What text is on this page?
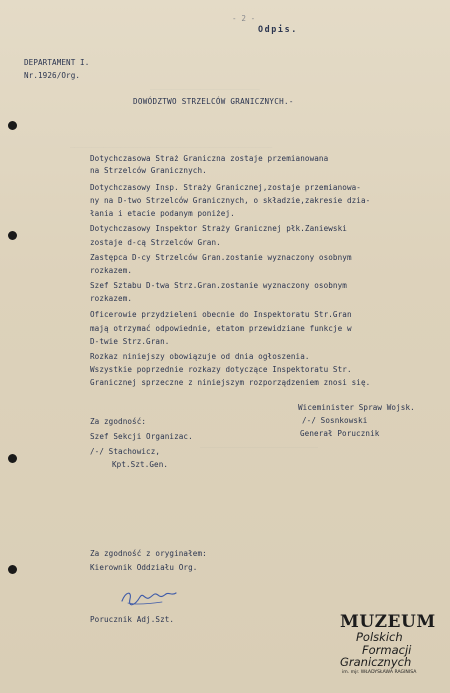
__________________________
________________________________________________
____________________________
- 2 -
Odpis.
DEPARTAMENT I.
Nr.1926/Org.
DOWÓDZTWO STRZELCÓW GRANICZNYCH.-
Dotychczasowa Straż Graniczna zostaje przemianowana
na Strzelców Granicznych.
Dotychczasowy Insp. Straży Granicznej,zostaje przemianowa-
ny na D-two Strzelców Granicznych, o składzie,zakresie dzia-
łania i etacie podanym poniżej.
Dotychczasowy Inspektor Straży Granicznej płk.Zaniewski
zostaje d-cą Strzelców Gran.
Zastępca D-cy Strzelców Gran.zostanie wyznaczony osobnym
rozkazem.
Szef Sztabu D-twa Strz.Gran.zostanie wyznaczony osobnym
rozkazem.
Oficerowie przydzieleni obecnie do Inspektoratu Str.Gran
mają otrzymać odpowiednie, etatom przewidziane funkcje w
D-twie Strz.Gran.
Rozkaz niniejszy obowiązuje od dnia ogłoszenia.
Wszystkie poprzednie rozkazy dotyczące Inspektoratu Str.
Granicznej sprzeczne z niniejszym rozporządzeniem znosi się.
Wiceminister Spraw Wojsk.
/-/ Sosnkowski
Generał Porucznik
Za zgodność:
Szef Sekcji Organizac.
/-/ Stachowicz,
Kpt.Szt.Gen.
Za zgodność z oryginałem:
Kierownik Oddziału Org.
Porucznik Adj.Szt.	MUZEUM
Polskich
Formacji
Granicznych
im. mjr. WŁADYSŁAWA RAGINISA
